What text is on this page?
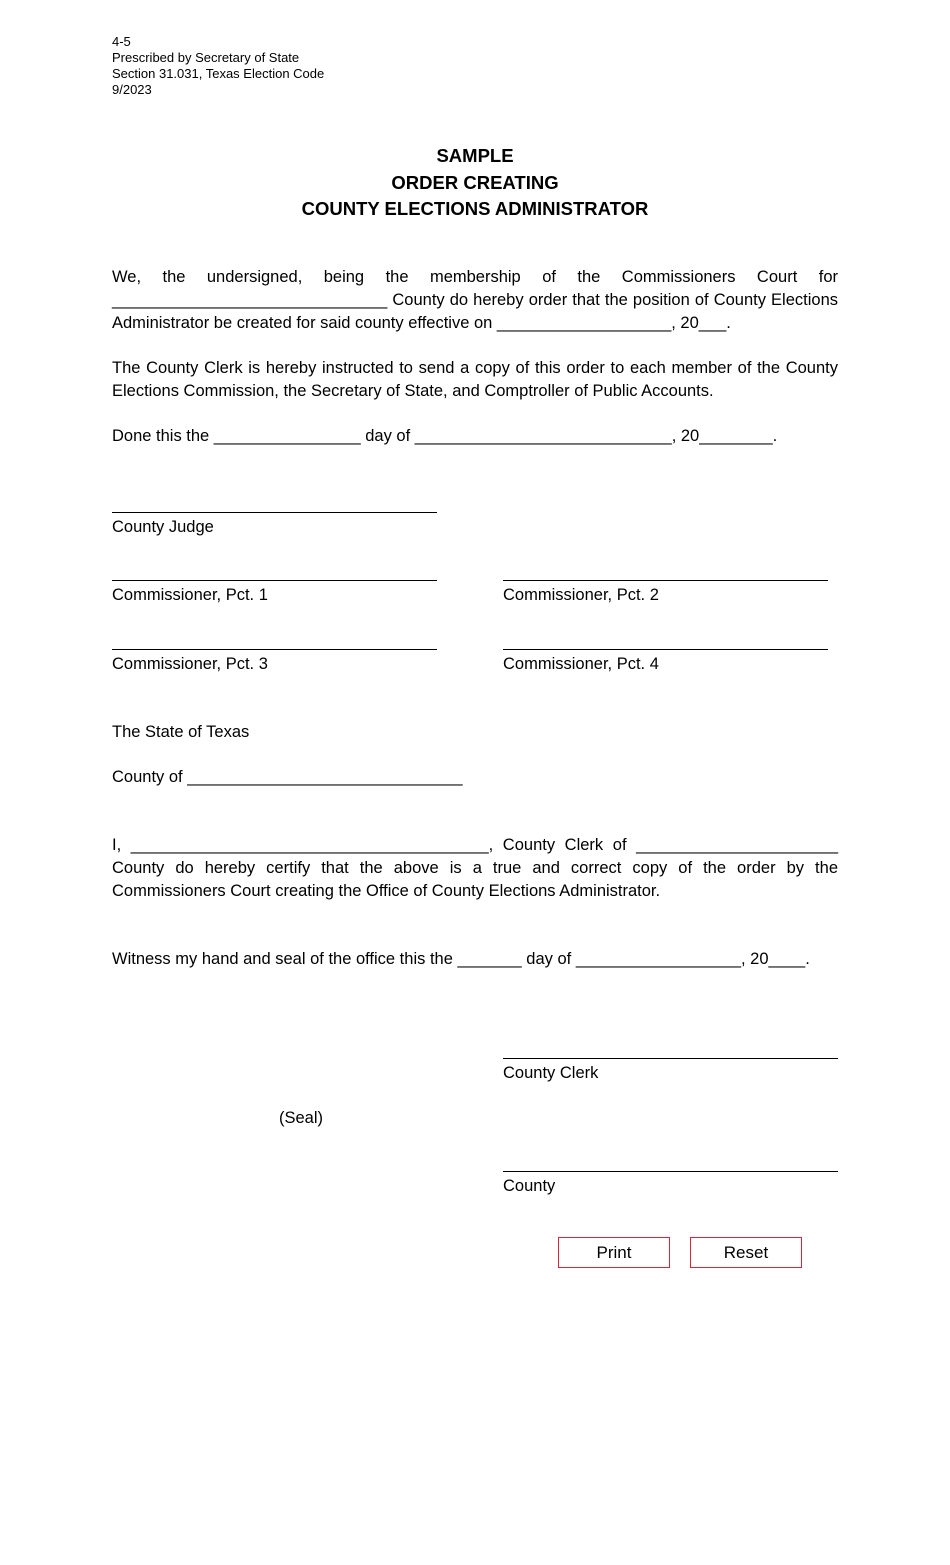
4-5
Prescribed by Secretary of State
Section 31.031, Texas Election Code
9/2023
SAMPLE
ORDER CREATING
COUNTY ELECTIONS ADMINISTRATOR
We, the undersigned, being the membership of the Commissioners Court for ______________________________ County do hereby order that the position of County Elections Administrator be created for said county effective on ___________________, 20___.
The County Clerk is hereby instructed to send a copy of this order to each member of the County Elections Commission, the Secretary of State, and Comptroller of Public Accounts.
Done this the ________________ day of ____________________________, 20________.
County Judge
Commissioner, Pct. 1	Commissioner, Pct. 2
Commissioner, Pct. 3	Commissioner, Pct. 4
The State of Texas
County of ______________________________
I, _______________________________________, County Clerk of ______________________ County do hereby certify that the above is a true and correct copy of the order by the Commissioners Court creating the Office of County Elections Administrator.
Witness my hand and seal of the office this the _______ day of __________________, 20____.
County Clerk
(Seal)
County
Print	Reset
